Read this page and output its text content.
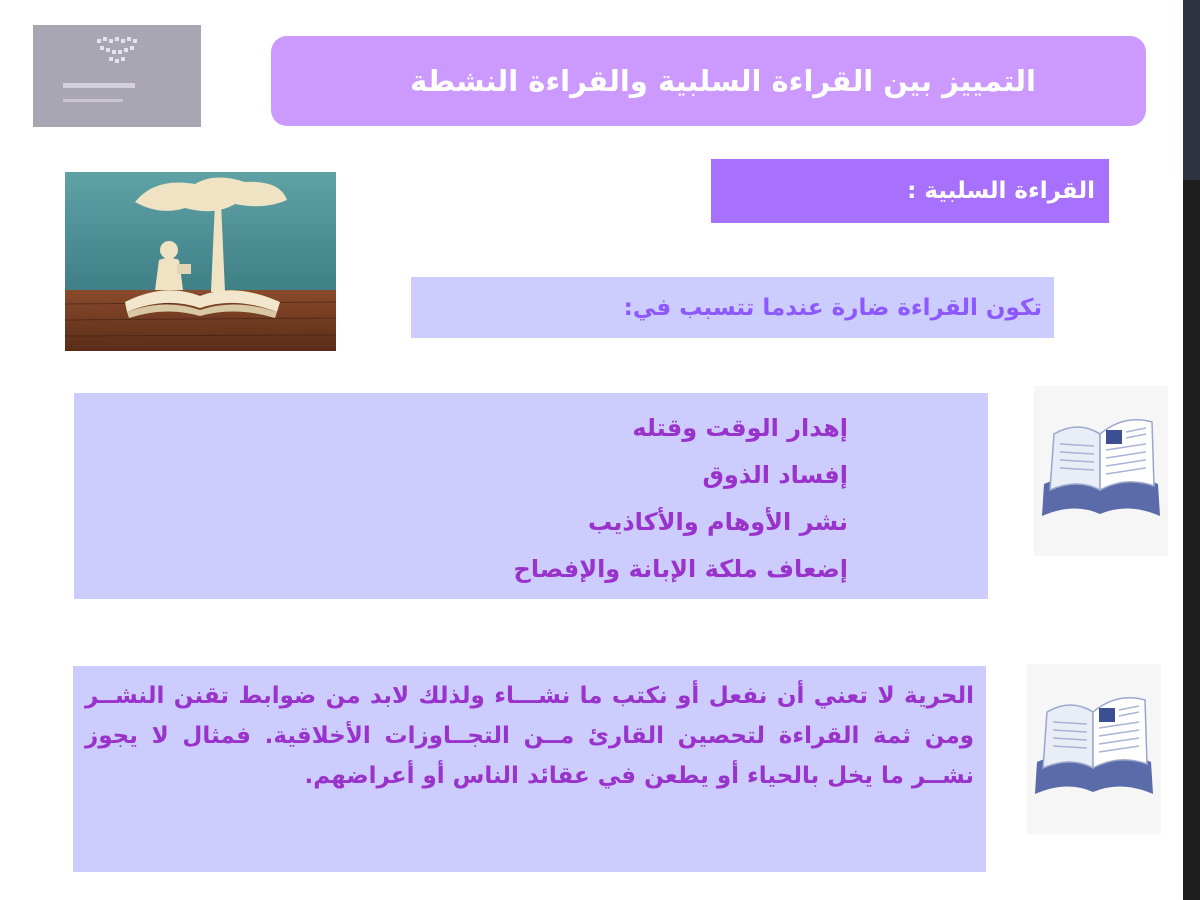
التمييز بين القراءة السلبية والقراءة النشطة
القراءة السلبية :
تكون القراءة ضارة عندما تتسبب في:
إهدار الوقت وقتله
إفساد الذوق
نشر الأوهام والأكاذيب
إضعاف ملكة الإبانة والإفصاح

الحرية لا تعني أن نفعل أو نكتب ما نشـــاء ولذلك لابد من ضوابط تقنن النشــر ومن ثمة القراءة لتحصين القارئ مــن التجــاوزات الأخلاقية. فمثال لا يجوز نشــر ما يخل بالحياء أو يطعن في عقائد الناس أو أعراضهم.
